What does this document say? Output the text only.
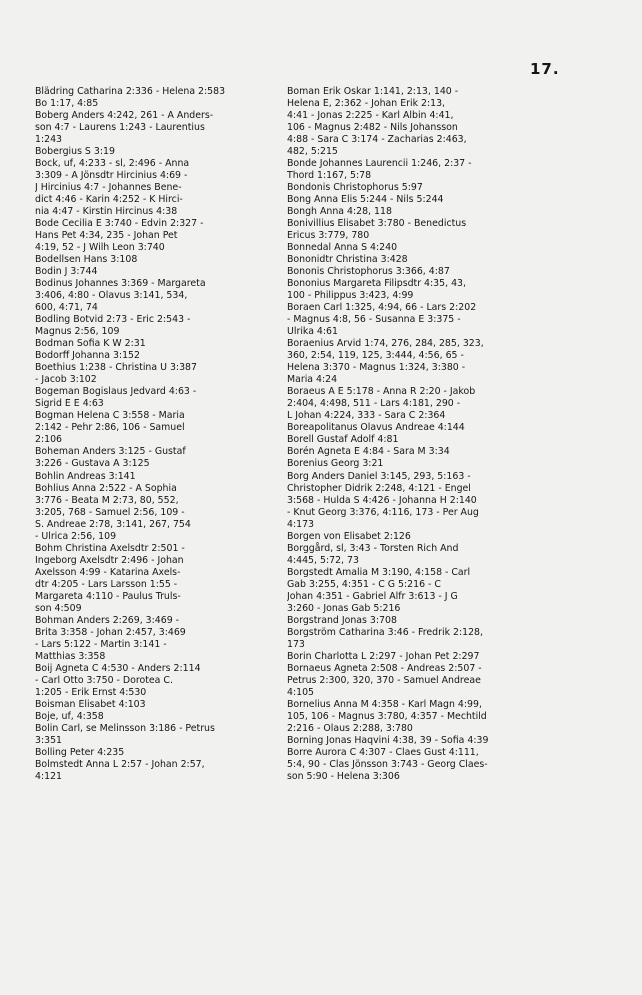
17.
Blädring Catharina 2:336 - Helena 2:583
Bo 1:17, 4:85
Boberg Anders 4:242, 261 - A Anders-
son 4:7 - Laurens 1:243 - Laurentius
1:243
Bobergius S 3:19
Bock, uf, 4:233 - sl, 2:496 - Anna
3:309 - A Jönsdtr Hircinius 4:69 -
J Hircinius 4:7 - Johannes Bene-
dict 4:46 - Karin 4:252 - K Hirci-
nia 4:47 - Kirstin Hircinus 4:38
Bode Cecilia E 3:740 - Edvin 2:327 -
Hans Pet 4:34, 235 - Johan Pet
4:19, 52 - J Wilh Leon 3:740
Bodellsen Hans 3:108
Bodin J 3:744
Bodinus Johannes 3:369 - Margareta
3:406, 4:80 - Olavus 3:141, 534,
600, 4:71, 74
Bodling Botvid 2:73 - Eric 2:543 -
Magnus 2:56, 109
Bodman Sofia K W 2:31
Bodorff Johanna 3:152
Boethius 1:238 - Christina U 3:387
- Jacob 3:102
Bogeman Bogislaus Jedvard 4:63 -
Sigrid E E 4:63
Bogman Helena C 3:558 - Maria
2:142 - Pehr 2:86, 106 - Samuel
2:106
Boheman Anders 3:125 - Gustaf
3:226 - Gustava A 3:125
Bohlin Andreas 3:141
Bohlius Anna 2:522 - A Sophia
3:776 - Beata M 2:73, 80, 552,
3:205, 768 - Samuel 2:56, 109 -
S. Andreae 2:78, 3:141, 267, 754
- Ulrica 2:56, 109
Bohm Christina Axelsdtr 2:501 -
Ingeborg Axelsdtr 2:496 - Johan
Axelsson 4:99 - Katarina Axels-
dtr 4:205 - Lars Larsson 1:55 -
Margareta 4:110 - Paulus Truls-
son 4:509
Bohman Anders 2:269, 3:469 -
Brita 3:358 - Johan 2:457, 3:469
- Lars 5:122 - Martin 3:141 -
Matthias 3:358
Boij Agneta C 4:530 - Anders 2:114
- Carl Otto 3:750 - Dorotea C.
1:205 - Erik Ernst 4:530
Boisman Elisabet 4:103
Boje, uf, 4:358
Bolin Carl, se Melinsson 3:186 - Petrus
3:351
Bolling Peter 4:235
Bolmstedt Anna L 2:57 - Johan 2:57,
4:121
Boman Erik Oskar 1:141, 2:13, 140 -
Helena E, 2:362 - Johan Erik 2:13,
4:41 - Jonas 2:225 - Karl Albin 4:41,
106 - Magnus 2:482 - Nils Johansson
4:88 - Sara C 3:174 - Zacharias 2:463,
482, 5:215
Bonde Johannes Laurencii 1:246, 2:37 -
Thord 1:167, 5:78
Bondonis Christophorus 5:97
Bong Anna Elis 5:244 - Nils 5:244
Bongh Anna 4:28, 118
Bonivillius Elisabet 3:780 - Benedictus
Ericus 3:779, 780
Bonnedal Anna S 4:240
Bononidtr Christina 3:428
Bononis Christophorus 3:366, 4:87
Bononius Margareta Filipsdtr 4:35, 43,
100 - Philippus 3:423, 4:99
Boraen Carl 1:325, 4:94, 66 - Lars 2:202
- Magnus 4:8, 56 - Susanna E 3:375 -
Ulrika 4:61
Boraenius Arvid 1:74, 276, 284, 285, 323,
360, 2:54, 119, 125, 3:444, 4:56, 65 -
Helena 3:370 - Magnus 1:324, 3:380 -
Maria 4:24
Boraeus A E 5:178 - Anna R 2:20 - Jakob
2:404, 4:498, 511 - Lars 4:181, 290 -
L Johan 4:224, 333 - Sara C 2:364
Boreapolitanus Olavus Andreae 4:144
Borell Gustaf Adolf 4:81
Borén Agneta E 4:84 - Sara M 3:34
Borenius Georg 3:21
Borg Anders Daniel 3:145, 293, 5:163 -
Christopher Didrik 2:248, 4:121 - Engel
3:568 - Hulda S 4:426 - Johanna H 2:140
- Knut Georg 3:376, 4:116, 173 - Per Aug
4:173
Borgen von Elisabet 2:126
Borggård, sl, 3:43 - Torsten Rich And
4:445, 5:72, 73
Borgstedt Amalia M 3:190, 4:158 - Carl
Gab 3:255, 4:351 - C G 5:216 - C
Johan 4:351 - Gabriel Alfr 3:613 - J G
3:260 - Jonas Gab 5:216
Borgstrand Jonas 3:708
Borgström Catharina 3:46 - Fredrik 2:128,
173
Borin Charlotta L 2:297 - Johan Pet 2:297
Bornaeus Agneta 2:508 - Andreas 2:507 -
Petrus 2:300, 320, 370 - Samuel Andreae
4:105
Bornelius Anna M 4:358 - Karl Magn 4:99,
105, 106 - Magnus 3:780, 4:357 - Mechtild
2:216 - Olaus 2:288, 3:780
Borning Jonas Haqvini 4:38, 39 - Sofia 4:39
Borre Aurora C 4:307 - Claes Gust 4:111,
5:4, 90 - Clas Jönsson 3:743 - Georg Claes-
son 5:90 - Helena 3:306
